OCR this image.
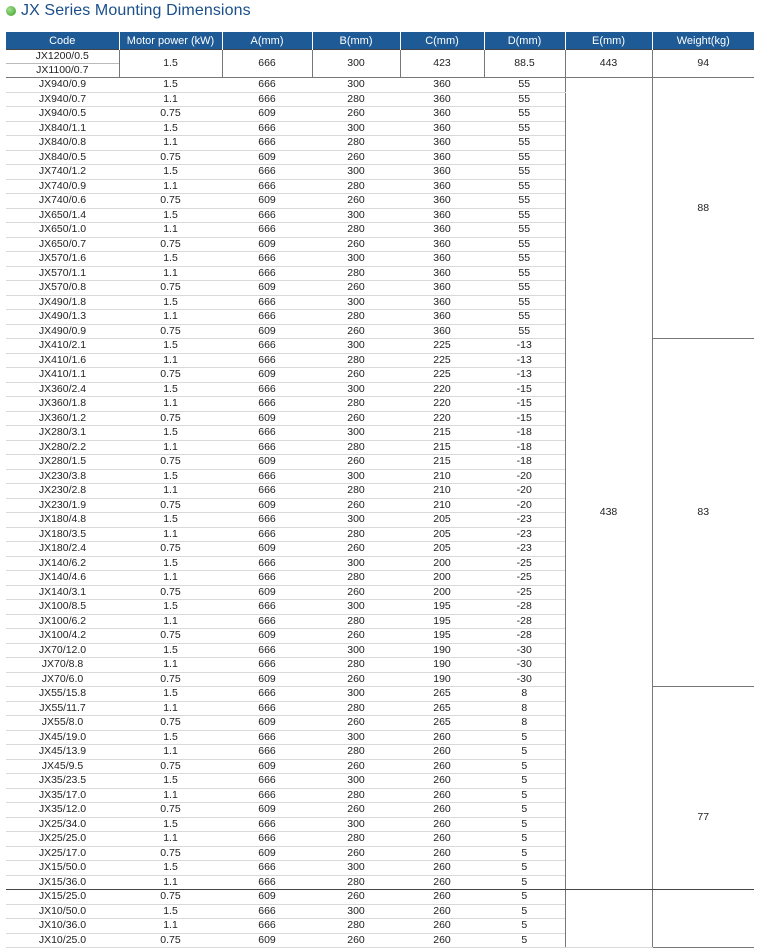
JX Series Mounting Dimensions
Code	Motor power (kW)	A(mm)	B(mm)	C(mm)	D(mm)	E(mm)	Weight(kg)

JX1200/0.5
JX1100/0.7	1.5	666	300	423	88.5	443	94
JX940/0.9	1.5	666	300	360	55	438	88
JX940/0.7	1.1	666	280	360	55		
JX940/0.5	0.75	609	260	360	55		
JX840/1.1	1.5	666	300	360	55		
JX840/0.8	1.1	666	280	360	55		
JX840/0.5	0.75	609	260	360	55		
JX740/1.2	1.5	666	300	360	55		
JX740/0.9	1.1	666	280	360	55		
JX740/0.6	0.75	609	260	360	55		
JX650/1.4	1.5	666	300	360	55		
JX650/1.0	1.1	666	280	360	55		
JX650/0.7	0.75	609	260	360	55		
JX570/1.6	1.5	666	300	360	55		
JX570/1.1	1.1	666	280	360	55		
JX570/0.8	0.75	609	260	360	55		
JX490/1.8	1.5	666	300	360	55		
JX490/1.3	1.1	666	280	360	55		
JX490/0.9	0.75	609	260	360	55		
JX410/2.1	1.5	666	300	225	-13		83
JX410/1.6	1.1	666	280	225	-13		
JX410/1.1	0.75	609	260	225	-13		
JX360/2.4	1.5	666	300	220	-15		
JX360/1.8	1.1	666	280	220	-15		
JX360/1.2	0.75	609	260	220	-15		
JX280/3.1	1.5	666	300	215	-18		
JX280/2.2	1.1	666	280	215	-18		
JX280/1.5	0.75	609	260	215	-18		
JX230/3.8	1.5	666	300	210	-20		
JX230/2.8	1.1	666	280	210	-20		
JX230/1.9	0.75	609	260	210	-20		
JX180/4.8	1.5	666	300	205	-23		
JX180/3.5	1.1	666	280	205	-23		
JX180/2.4	0.75	609	260	205	-23		
JX140/6.2	1.5	666	300	200	-25		
JX140/4.6	1.1	666	280	200	-25		
JX140/3.1	0.75	609	260	200	-25		
JX100/8.5	1.5	666	300	195	-28		
JX100/6.2	1.1	666	280	195	-28		
JX100/4.2	0.75	609	260	195	-28		
JX70/12.0	1.5	666	300	190	-30		
JX70/8.8	1.1	666	280	190	-30		
JX70/6.0	0.75	609	260	190	-30		
JX55/15.8	1.5	666	300	265	8		77
JX55/11.7	1.1	666	280	265	8		
JX55/8.0	0.75	609	260	265	8		
JX45/19.0	1.5	666	300	260	5		
JX45/13.9	1.1	666	280	260	5		
JX45/9.5	0.75	609	260	260	5		
JX35/23.5	1.5	666	300	260	5		
JX35/17.0	1.1	666	280	260	5		
JX35/12.0	0.75	609	260	260	5		
JX25/34.0	1.5	666	300	260	5		
JX25/25.0	1.1	666	280	260	5		
JX25/17.0	0.75	609	260	260	5		
JX15/50.0	1.5	666	300	260	5		
JX15/36.0	1.1	666	280	260	5		
JX15/25.0	0.75	609	260	260	5		
JX10/50.0	1.5	666	300	260	5		
JX10/36.0	1.1	666	280	260	5		
JX10/25.0	0.75	609	260	260	5		
